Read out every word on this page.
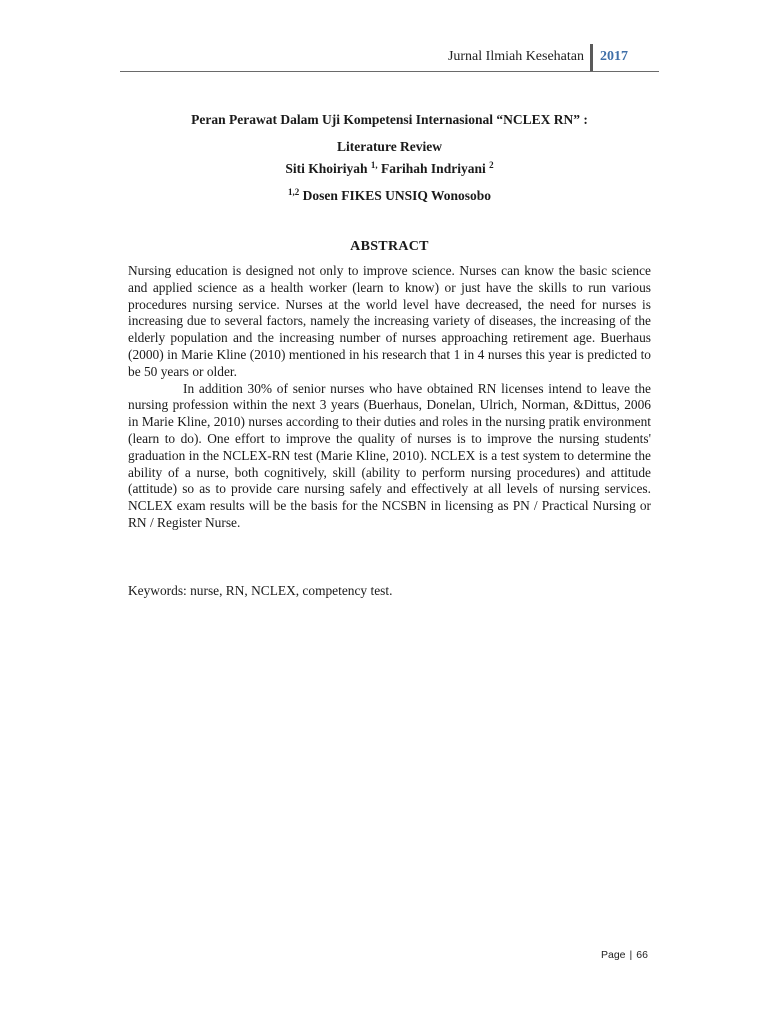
Jurnal Ilmiah Kesehatan 2017
Peran Perawat Dalam Uji Kompetensi Internasional “NCLEX RN” :
Literature Review
Siti Khoiriyah $^{1,}$ Farihah Indriyani $^2$
$^{1,2}$ Dosen FIKES UNSIQ Wonosobo
ABSTRACT

Nursing education is designed not only to improve science. Nurses can know the basic science and applied science as a health worker (learn to know) or just have the skills to run various procedures nursing service. Nurses at the world level have decreased, the need for nurses is increasing due to several factors, namely the increasing variety of diseases, the increasing of the elderly population and the increasing number of nurses approaching retirement age. Buerhaus (2000) in Marie Kline (2010) mentioned in his research that 1 in 4 nurses this year is predicted to be 50 years or older.

In addition 30% of senior nurses who have obtained RN licenses intend to leave the nursing profession within the next 3 years (Buerhaus, Donelan, Ulrich, Norman, &Dittus, 2006 in Marie Kline, 2010) nurses according to their duties and roles in the nursing pratik environment (learn to do). One effort to improve the quality of nurses is to improve the nursing students' graduation in the NCLEX-RN test (Marie Kline, 2010). NCLEX is a test system to determine the ability of a nurse, both cognitively, skill (ability to perform nursing procedures) and attitude (attitude) so as to provide care nursing safely and effectively at all levels of nursing services. NCLEX exam results will be the basis for the NCSBN in licensing as PN / Practical Nursing or RN / Register Nurse.

Keywords: nurse, RN, NCLEX, competency test.
Page | 66
